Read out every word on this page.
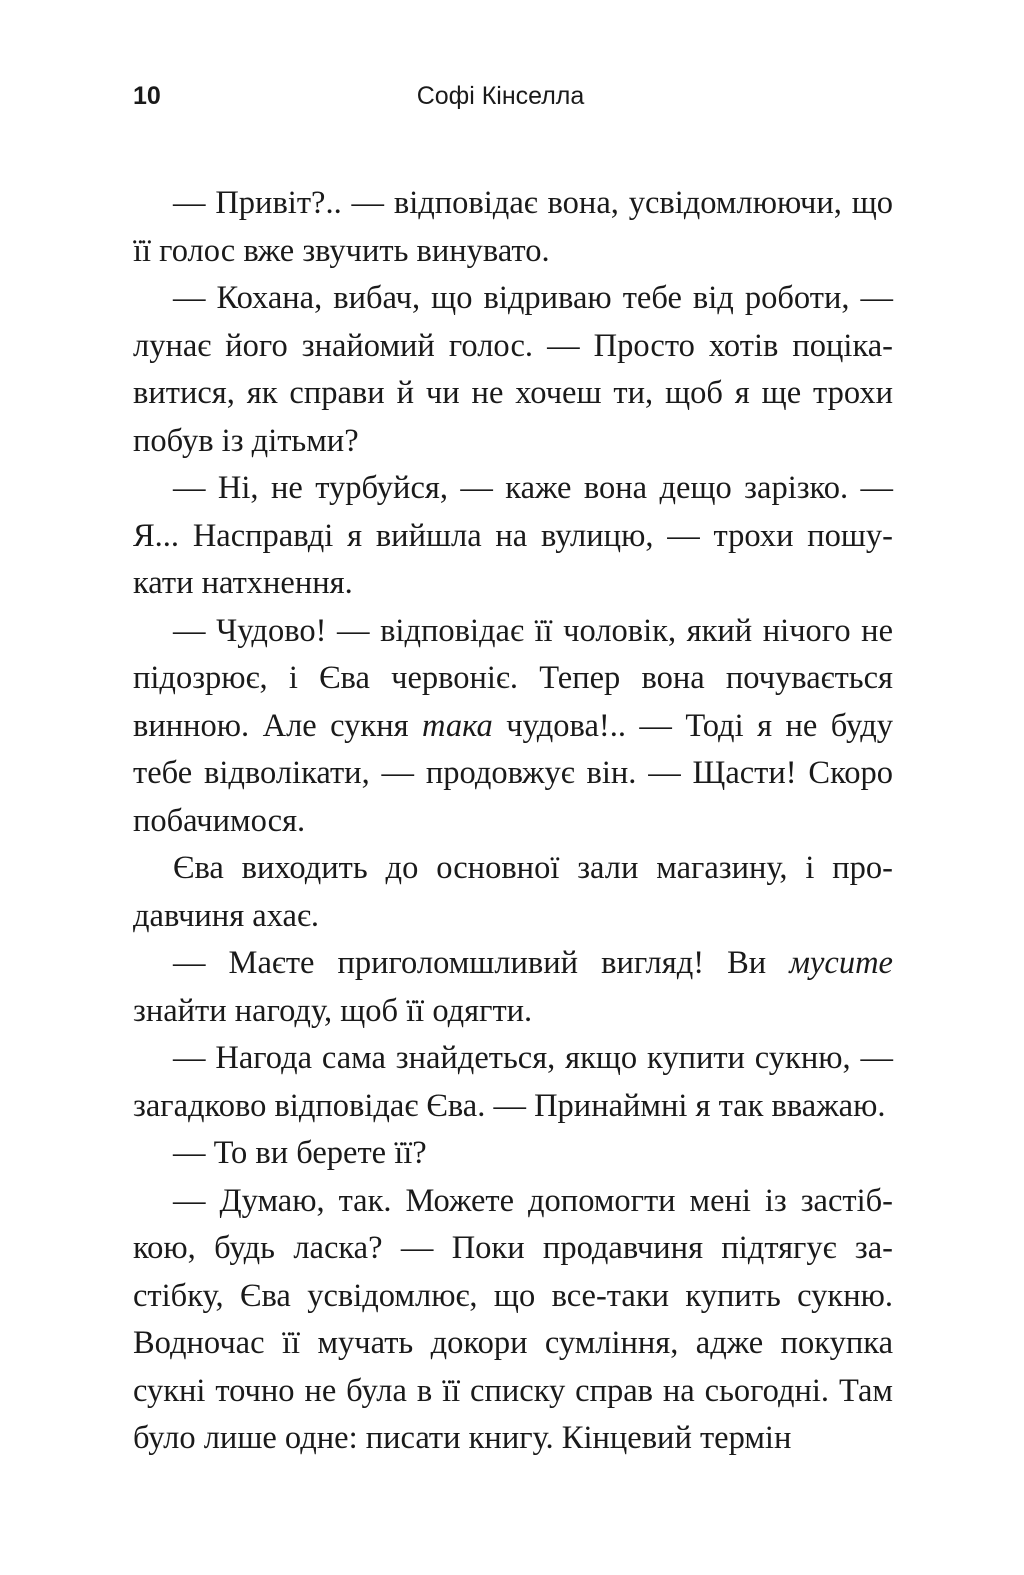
10	Софі Кінселла

— Привіт?.. — відповідає вона, усвідомлюючи, що її голос вже звучить винувато.

— Кохана, вибач, що відриваю тебе від роботи, — лунає його знайомий голос. — Просто хотів поцікавитися, як справи й чи не хочеш ти, щоб я ще трохи побув із дітьми?

— Ні, не турбуйся, — каже вона дещо зарізко. — Я... Насправді я вийшла на вулицю, — трохи пошукати натхнення.

— Чудово! — відповідає її чоловік, який нічого не підозрює, і Єва червоніє. Тепер вона почувається винною. Але сукня така чудова!.. — Тоді я не буду тебе відволікати, — продовжує він. — Щасти! Скоро побачимося.

Єва виходить до основної зали магазину, і продавчиня ахає.

— Маєте приголомшливий вигляд! Ви мусите знайти нагоду, щоб її одягти.

— Нагода сама знайдеться, якщо купити сукню, — загадково відповідає Єва. — Принаймні я так вважаю.

— То ви берете її?

— Думаю, так. Можете допомогти мені із застібкою, будь ласка? — Поки продавчиня підтягує застібку, Єва усвідомлює, що все-таки купить сукню. Водночас її мучать докори сумління, адже покупка сукні точно не була в її списку справ на сьогодні. Там було лише одне: писати книгу. Кінцевий термін
